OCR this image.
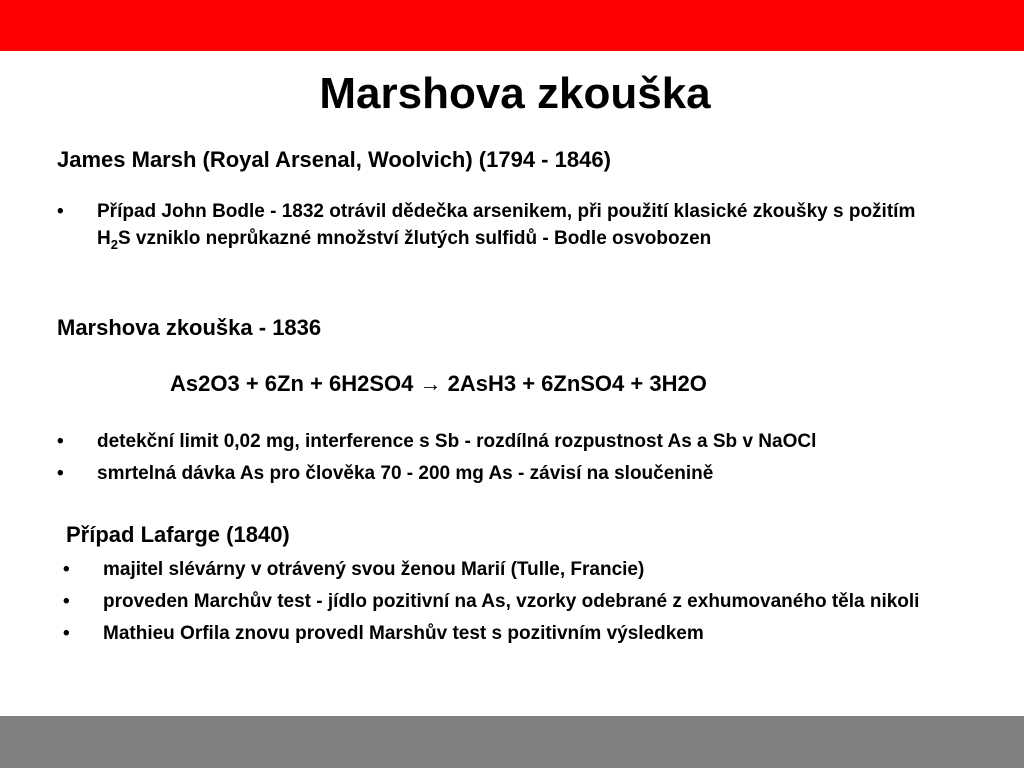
Marshova zkouška

James Marsh (Royal Arsenal, Woolvich) (1794 - 1846)

• Případ John Bodle - 1832 otrávil dědečka arsenikem, při použití klasické zkoušky s požitím $H_2S$ vzniklo neprůkazné množství žlutých sulfidů - Bodle osvobozen

Marshova zkouška - 1836

As2O3 + 6Zn + 6H2SO4 → 2AsH3 + 6ZnSO4 + 3H2O

• detekční limit 0,02 mg, interference s Sb - rozdílná rozpustnost As a Sb v NaOCl
• smrtelná dávka As pro člověka 70 - 200 mg As - závisí na sloučenině

Případ Lafarge (1840)

• majitel slévárny v otrávený svou ženou Marií (Tulle, Francie)
• proveden Marchův test - jídlo pozitivní na As, vzorky odebrané z exhumovaného těla nikoli
• Mathieu Orfila znovu provedl Marshův test s pozitivním výsledkem
